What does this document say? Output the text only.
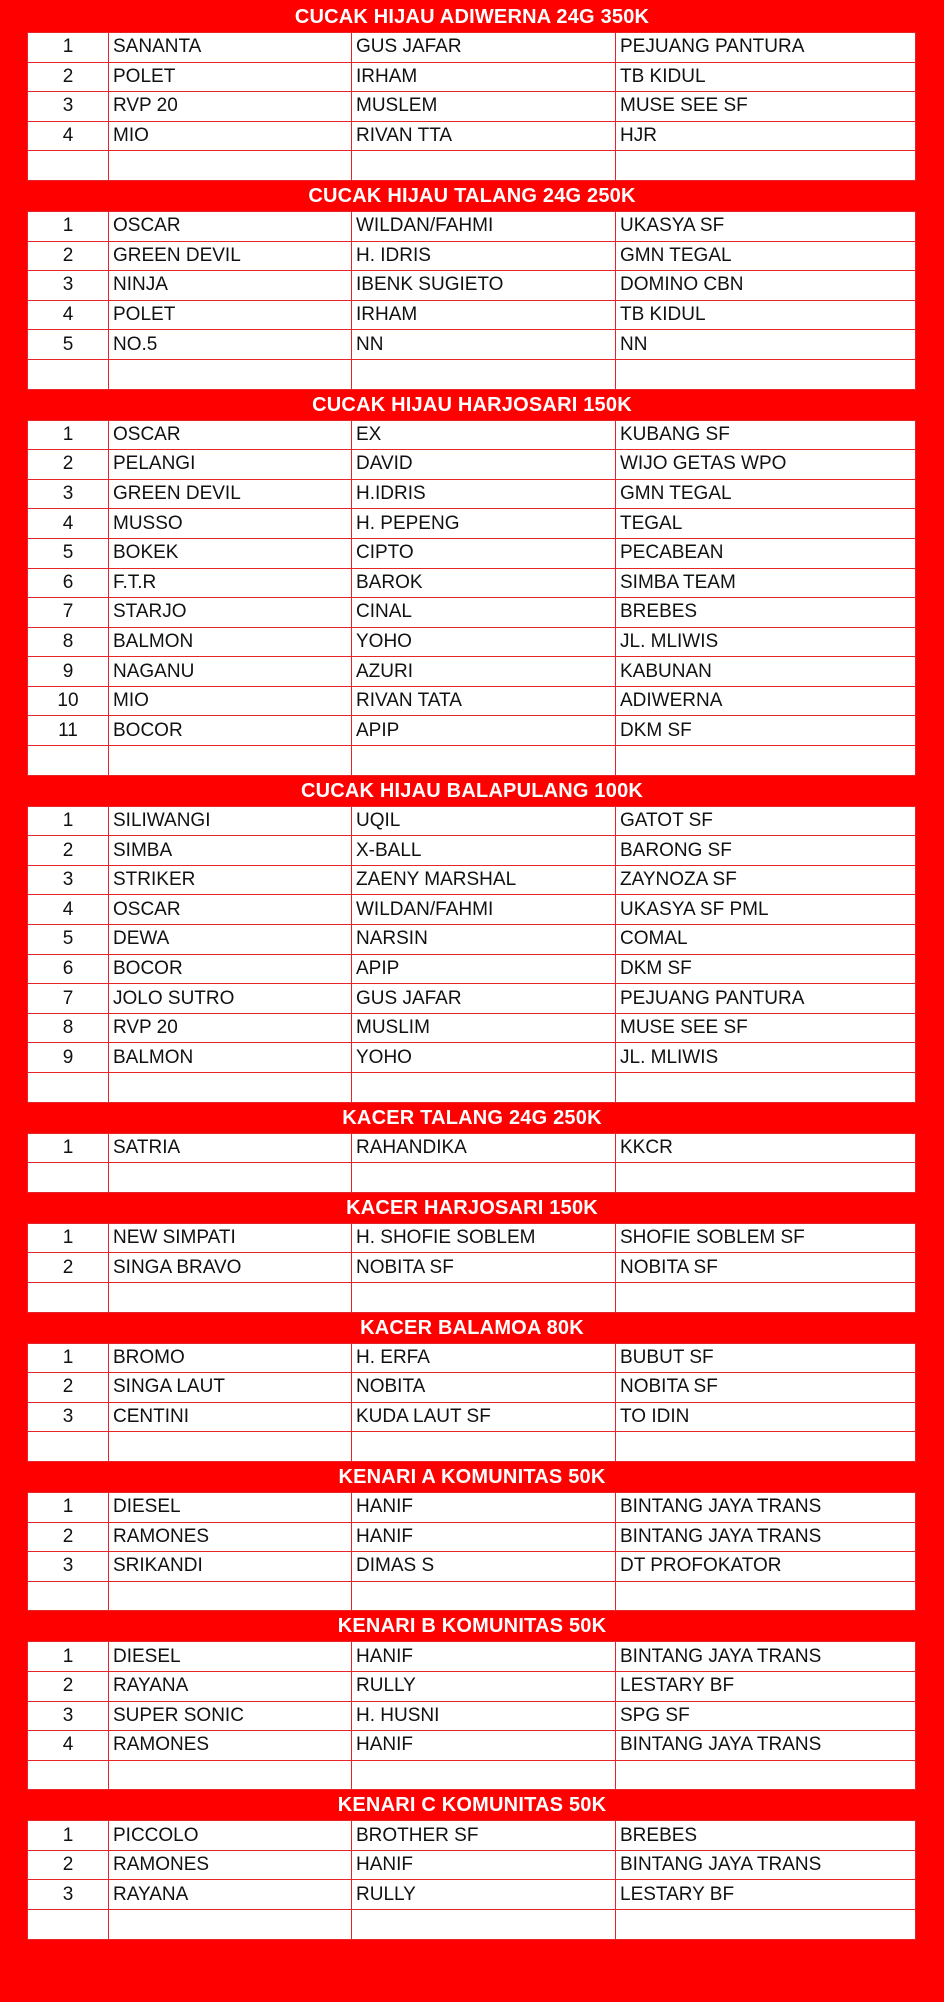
CUCAK HIJAU ADIWERNA 24G 350K
1	SANANTA	GUS JAFAR	PEJUANG PANTURA
2	POLET	IRHAM	TB KIDUL
3	RVP 20	MUSLEM	MUSE SEE SF
4	MIO	RIVAN TTA	HJR

CUCAK HIJAU TALANG 24G 250K
1	OSCAR	WILDAN/FAHMI	UKASYA SF
2	GREEN DEVIL	H. IDRIS	GMN TEGAL
3	NINJA	IBENK SUGIETO	DOMINO CBN
4	POLET	IRHAM	TB KIDUL
5	NO.5	NN	NN

CUCAK HIJAU HARJOSARI 150K
1	OSCAR	EX	KUBANG SF
2	PELANGI	DAVID	WIJO GETAS WPO
3	GREEN DEVIL	H.IDRIS	GMN TEGAL
4	MUSSO	H. PEPENG	TEGAL
5	BOKEK	CIPTO	PECABEAN
6	F.T.R	BAROK	SIMBA TEAM
7	STARJO	CINAL	BREBES
8	BALMON	YOHO	JL. MLIWIS
9	NAGANU	AZURI	KABUNAN
10	MIO	RIVAN TATA	ADIWERNA
11	BOCOR	APIP	DKM SF

CUCAK HIJAU BALAPULANG 100K
1	SILIWANGI	UQIL	GATOT SF
2	SIMBA	X-BALL	BARONG SF
3	STRIKER	ZAENY MARSHAL	ZAYNOZA SF
4	OSCAR	WILDAN/FAHMI	UKASYA SF PML
5	DEWA	NARSIN	COMAL
6	BOCOR	APIP	DKM SF
7	JOLO SUTRO	GUS JAFAR	PEJUANG PANTURA
8	RVP 20	MUSLIM	MUSE SEE SF
9	BALMON	YOHO	JL. MLIWIS

KACER TALANG 24G 250K
1	SATRIA	RAHANDIKA	KKCR

KACER HARJOSARI 150K
1	NEW SIMPATI	H. SHOFIE SOBLEM	SHOFIE SOBLEM SF
2	SINGA BRAVO	NOBITA SF	NOBITA SF

KACER BALAMOA 80K
1	BROMO	H. ERFA	BUBUT SF
2	SINGA LAUT	NOBITA	NOBITA SF
3	CENTINI	KUDA LAUT SF	TO IDIN

KENARI A KOMUNITAS 50K
1	DIESEL	HANIF	BINTANG JAYA TRANS
2	RAMONES	HANIF	BINTANG JAYA TRANS
3	SRIKANDI	DIMAS S	DT PROFOKATOR

KENARI B KOMUNITAS 50K
1	DIESEL	HANIF	BINTANG JAYA TRANS
2	RAYANA	RULLY	LESTARY BF
3	SUPER SONIC	H. HUSNI	SPG SF
4	RAMONES	HANIF	BINTANG JAYA TRANS

KENARI C KOMUNITAS 50K
1	PICCOLO	BROTHER SF	BREBES
2	RAMONES	HANIF	BINTANG JAYA TRANS
3	RAYANA	RULLY	LESTARY BF
